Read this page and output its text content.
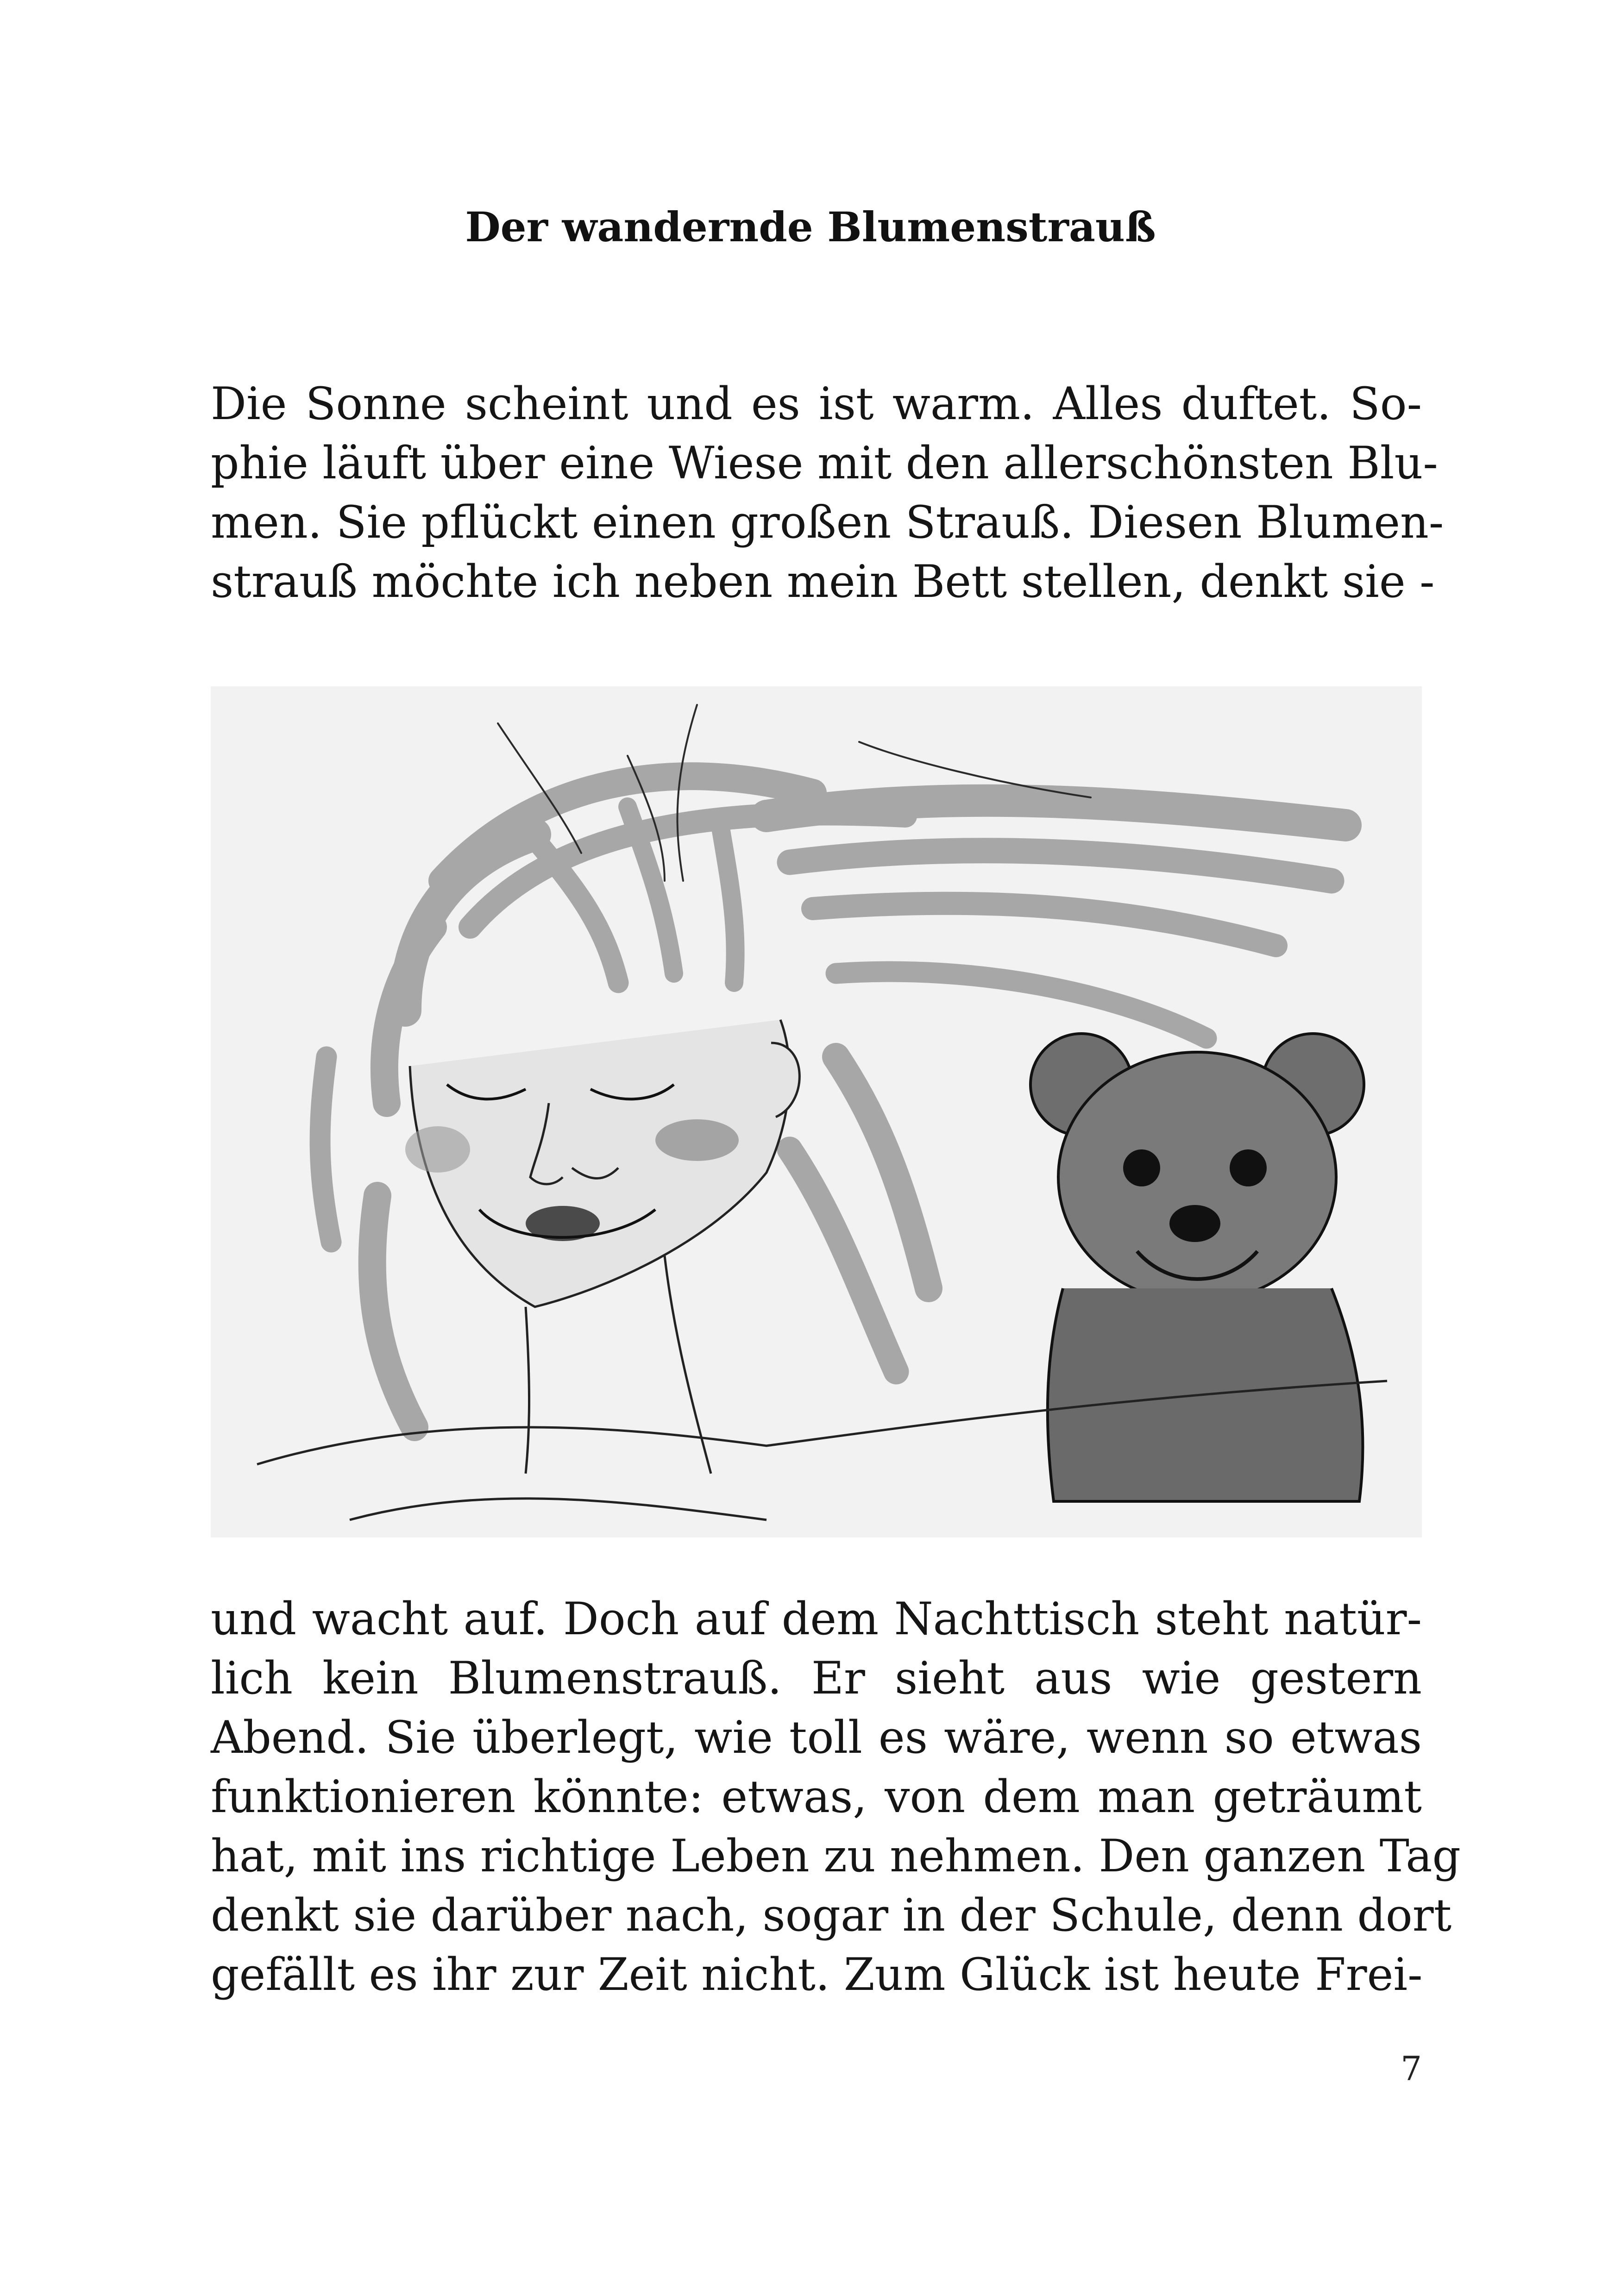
Der wandernde Blumenstrauß
Die Sonne scheint und es ist warm. Alles duftet. So-
phie läuft über eine Wiese mit den allerschönsten Blu-
men. Sie pflückt einen großen Strauß. Diesen Blumen-
strauß möchte ich neben mein Bett stellen, denkt sie -
und wacht auf. Doch auf dem Nachttisch steht natür-
lich kein Blumenstrauß. Er sieht aus wie gestern
Abend. Sie überlegt, wie toll es wäre, wenn so etwas
funktionieren könnte: etwas, von dem man geträumt
hat, mit ins richtige Leben zu nehmen. Den ganzen Tag
denkt sie darüber nach, sogar in der Schule, denn dort
gefällt es ihr zur Zeit nicht. Zum Glück ist heute Frei-
7
